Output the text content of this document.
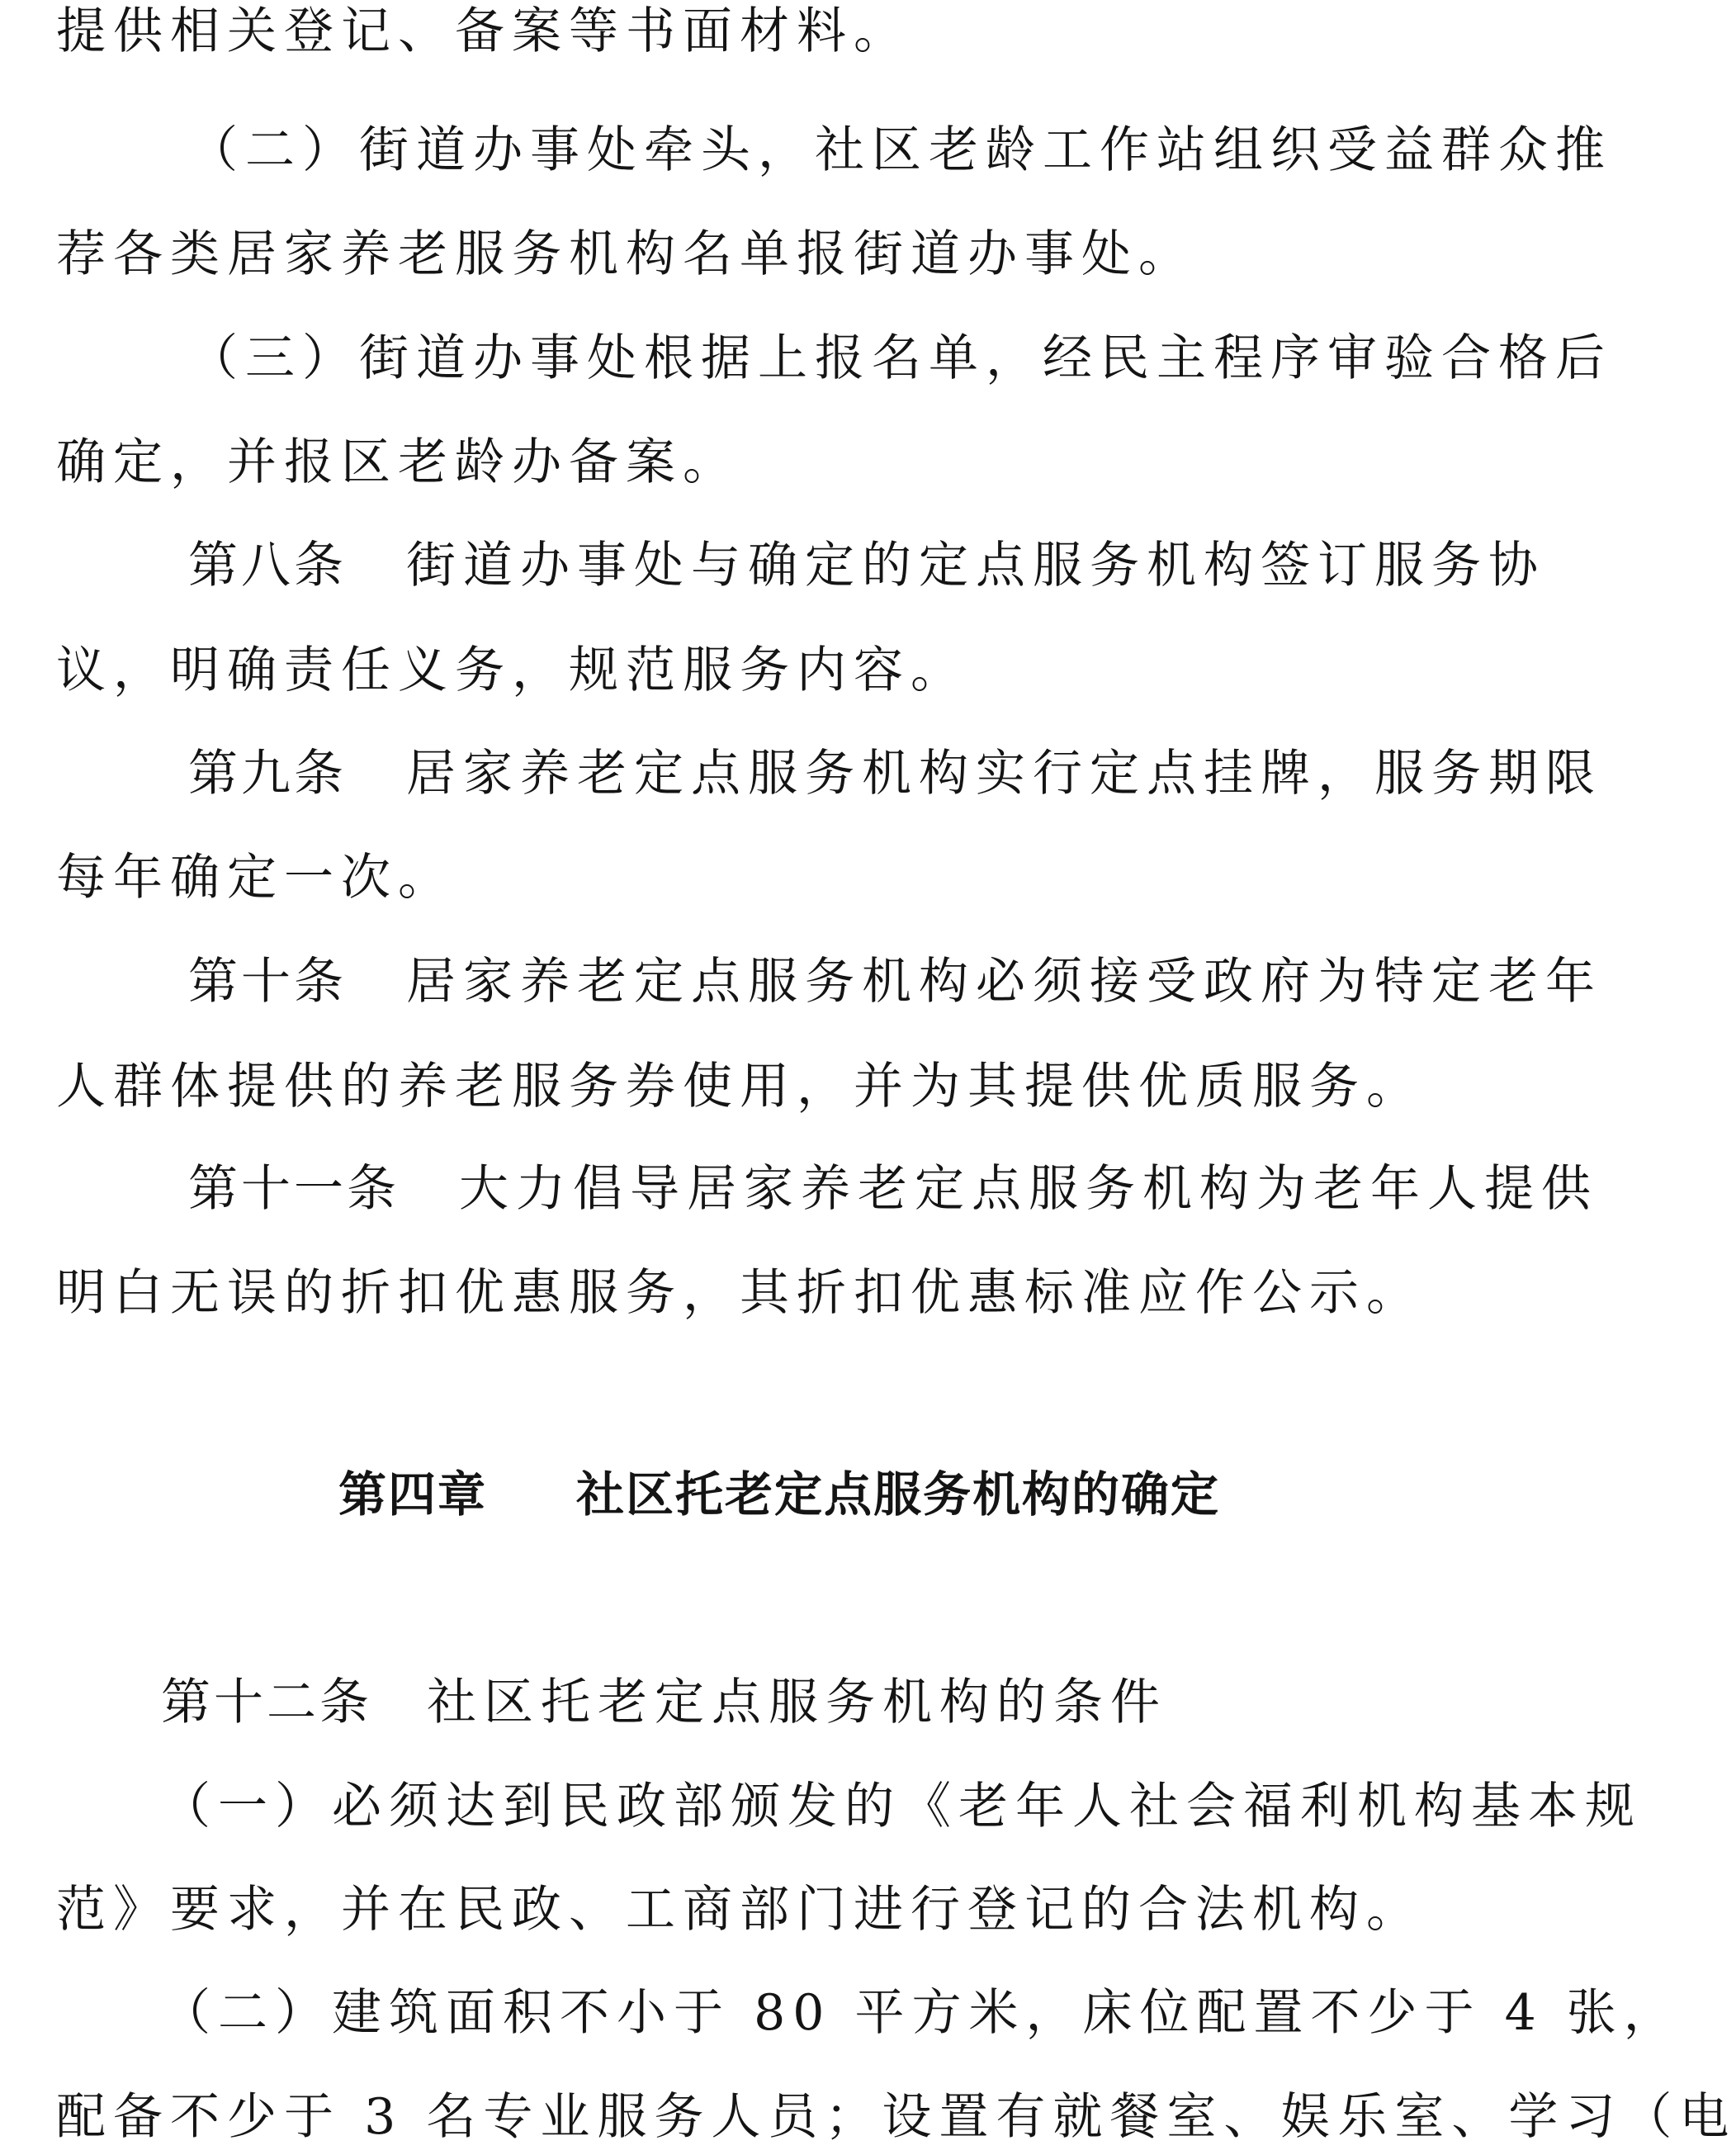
提供相关登记、备案等书面材料。
（二）街道办事处牵头，社区老龄工作站组织受益群众推
荐各类居家养老服务机构名单报街道办事处。
（三）街道办事处根据上报名单，经民主程序审验合格后
确定，并报区老龄办备案。
第八条 街道办事处与确定的定点服务机构签订服务协
议，明确责任义务，规范服务内容。
第九条 居家养老定点服务机构实行定点挂牌，服务期限
每年确定一次。
第十条 居家养老定点服务机构必须接受政府为特定老年
人群体提供的养老服务券使用，并为其提供优质服务。
第十一条 大力倡导居家养老定点服务机构为老年人提供
明白无误的折扣优惠服务，其折扣优惠标准应作公示。
第四章 社区托老定点服务机构的确定
第十二条 社区托老定点服务机构的条件
（一）必须达到民政部颁发的《老年人社会福利机构基本规
范》要求，并在民政、工商部门进行登记的合法机构。
（二）建筑面积不小于 80 平方米，床位配置不少于 4 张，
配备不少于 3 名专业服务人员；设置有就餐室、娱乐室、学习（电
